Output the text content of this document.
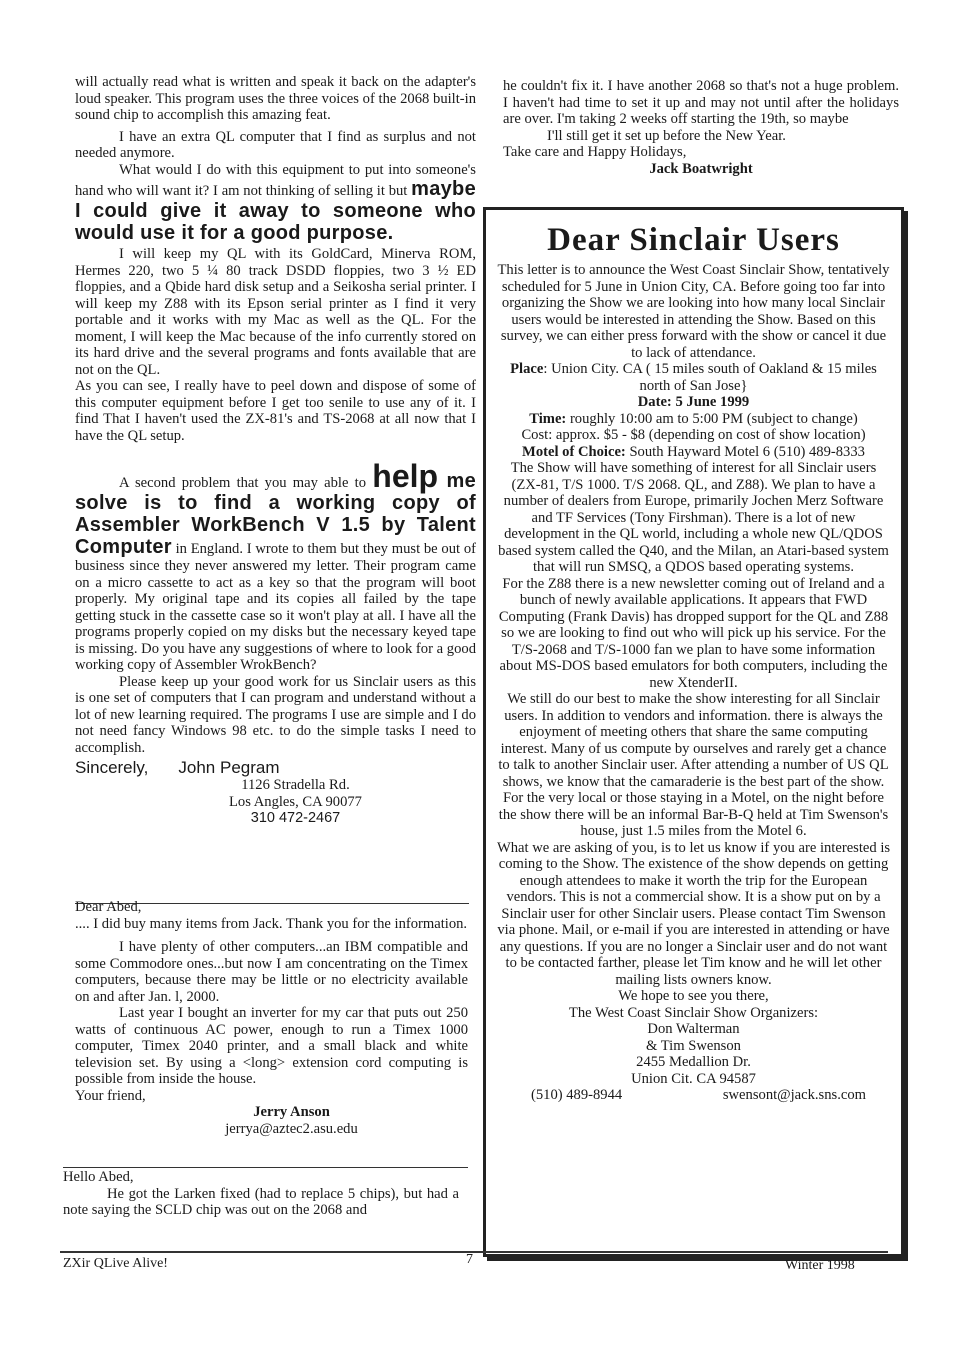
will actually read what is written and speak it back on the adapter's loud speaker. This program uses the three voices of the 2068 built-in sound chip to accomplish this amazing feat.

I have an extra QL computer that I find as surplus and not needed anymore.

What would I do with this equipment to put into someone's hand who will want it? I am not thinking of selling it but maybe I could give it away to someone who would use it for a good purpose.

I will keep my QL with its GoldCard, Minerva ROM, Hermes 220, two 5 ¼ 80 track DSDD floppies, two 3 ½ ED floppies, and a Qbide hard disk setup and a Seikosha serial printer. I will keep my Z88 with its Epson serial printer as I find it very portable and it works with my Mac as well as the QL. For the moment, I will keep the Mac because of the info currently stored on its hard drive and the several programs and fonts available that are not on the QL.

As you can see, I really have to peel down and dispose of some of this computer equipment before I get too senile to use any of it. I find That I haven't used the ZX-81's and TS-2068 at all now that I have the QL setup.

A second problem that you may able to help me solve is to find a working copy of Assembler WorkBench V 1.5 by Talent Computer in England. I wrote to them but they must be out of business since they never answered my letter. Their program came on a micro cassette to act as a key so that the program will boot properly. My original tape and its copies all failed by the tape getting stuck in the cassette case so it won't play at all. I have all the programs properly copied on my disks but the necessary keyed tape is missing. Do you have any suggestions of where to look for a good working copy of Assembler WrokBench?

Please keep up your good work for us Sinclair users as this is one set of computers that I can program and understand without a lot of new learning required. The programs I use are simple and I do not need fancy Windows 98 etc. to do the simple tasks I need to accomplish.

Sincerely, John Pegram
1126 Stradella Rd.
Los Angles, CA 90077
310 472-2467

Dear Abed,

.... I did buy many items from Jack. Thank you for the information.

I have plenty of other computers...an IBM compatible and some Commodore ones...but now I am concentrating on the Timex computers, because there may be little or no electricity available on and after Jan. l, 2000.

Last year I bought an inverter for my car that puts out 250 watts of continuous AC power, enough to run a Timex 1000 computer, Timex 2040 printer, and a small black and white television set. By using a <long> extension cord computing is possible from inside the house.

Your friend,

Jerry Anson

jerrya@aztec2.asu.edu

Hello Abed,

He got the Larken fixed (had to replace 5 chips), but had a note saying the SCLD chip was out on the 2068 and

he couldn't fix it. I have another 2068 so that's not a huge problem. I haven't had time to set it up and may not until after the holidays are over. I'm taking 2 weeks off starting the 19th, so maybe

I'll still get it set up before the New Year.

Take care and Happy Holidays,

Jack Boatwright

Dear Sinclair Users

This letter is to announce the West Coast Sinclair Show, tentatively scheduled for 5 June in Union City, CA. Before going too far into organizing the Show we are looking into how many local Sinclair users would be interested in attending the Show. Based on this survey, we can either press forward with the show or cancel it due to lack of attendance.

Place: Union City. CA ( 15 miles south of Oakland & 15 miles north of San Jose}

Date: 5 June 1999

Time: roughly 10:00 am to 5:00 PM (subject to change)

Cost: approx. $5 - $8 (depending on cost of show location)

Motel of Choice: South Hayward Motel 6 (510) 489-8333

The Show will have something of interest for all Sinclair users (ZX-81, T/S 1000. T/S 2068. QL, and Z88). We plan to have a number of dealers from Europe, primarily Jochen Merz Software and TF Services (Tony Firshman). There is a lot of new development in the QL world, including a whole new QL/QDOS based system called the Q40, and the Milan, an Atari-based system that will run SMSQ, a QDOS based operating systems.

For the Z88 there is a new newsletter coming out of Ireland and a bunch of newly available applications. It appears that FWD Computing (Frank Davis) has dropped support for the QL and Z88 so we are looking to find out who will pick up his service. For the T/S-2068 and T/S-1000 fan we plan to have some information about MS-DOS based emulators for both computers, including the new XtenderII.

We still do our best to make the show interesting for all Sinclair users. In addition to vendors and information. there is always the enjoyment of meeting others that share the same computing interest. Many of us compute by ourselves and rarely get a chance to talk to another Sinclair user. After attending a number of US QL shows, we know that the camaraderie is the best part of the show.

For the very local or those staying in a Motel, on the night before the show there will be an informal Bar-B-Q held at Tim Swenson's house, just 1.5 miles from the Motel 6.

What we are asking of you, is to let us know if you are interested is coming to the Show. The existence of the show depends on getting enough attendees to make it worth the trip for the European vendors. This is not a commercial show. It is a show put on by a Sinclair user for other Sinclair users. Please contact Tim Swenson via phone. Mail, or e-mail if you are interested in attending or have any questions. If you are no longer a Sinclair user and do not want to be contacted farther, please let Tim know and he will let other mailing lists owners know.

We hope to see you there,

The West Coast Sinclair Show Organizers:

Don Walterman

& Tim Swenson

2455 Medallion Dr.

Union Cit. CA 94587

(510) 489-8944	swensont@jack.sns.com

ZXir QLive Alive!	7	Winter 1998
